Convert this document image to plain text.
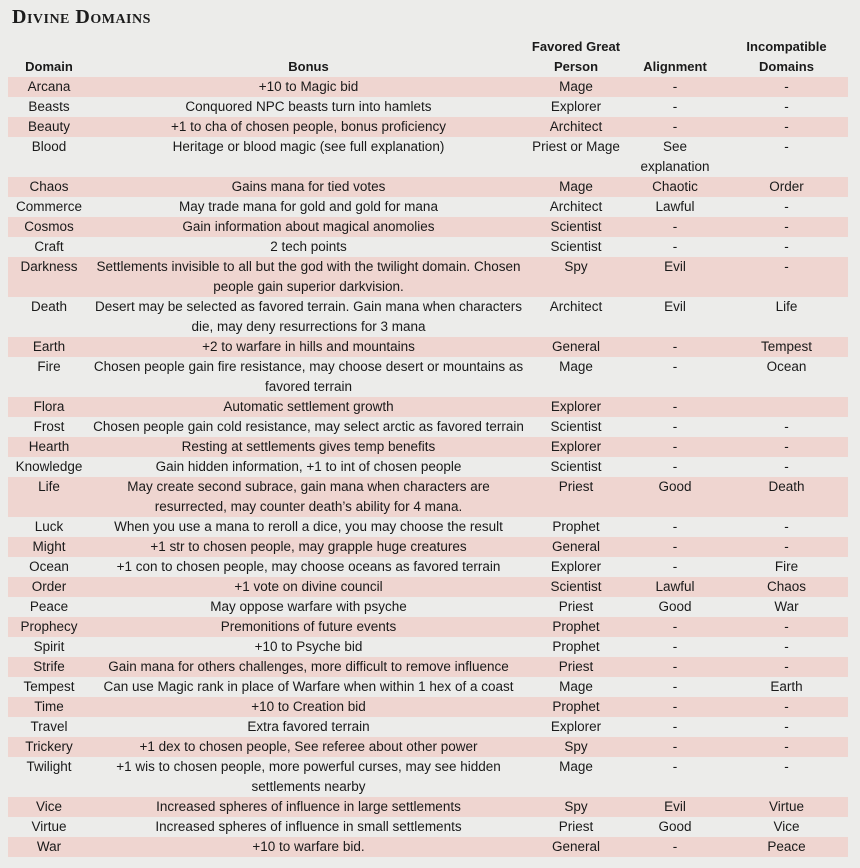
Divine Domains
Domain	Bonus	Favored Great Person	Alignment	Incompatible Domains
Arcana	+10 to Magic bid	Mage	-	-
Beasts	Conquored NPC beasts turn into hamlets	Explorer	-	-
Beauty	+1 to cha of chosen people, bonus proficiency	Architect	-	-
Blood	Heritage or blood magic (see full explanation)	Priest or Mage	See explanation	-
Chaos	Gains mana for tied votes	Mage	Chaotic	Order
Commerce	May trade mana for gold and gold for mana	Architect	Lawful	-
Cosmos	Gain information about magical anomolies	Scientist	-	-
Craft	2 tech points	Scientist	-	-
Darkness	Settlements invisible to all but the god with the twilight domain. Chosen people gain superior darkvision.	Spy	Evil	-
Death	Desert may be selected as favored terrain. Gain mana when characters die, may deny resurrections for 3 mana	Architect	Evil	Life
Earth	+2 to warfare in hills and mountains	General	-	Tempest
Fire	Chosen people gain fire resistance, may choose desert or mountains as favored terrain	Mage	-	Ocean
Flora	Automatic settlement growth	Explorer	-	
Frost	Chosen people gain cold resistance, may select arctic as favored terrain	Scientist	-	-
Hearth	Resting at settlements gives temp benefits	Explorer	-	-
Knowledge	Gain hidden information, +1 to int of chosen people	Scientist	-	-
Life	May create second subrace, gain mana when characters are resurrected, may counter death’s ability for 4 mana.	Priest	Good	Death
Luck	When you use a mana to reroll a dice, you may choose the result	Prophet	-	-
Might	+1 str to chosen people, may grapple huge creatures	General	-	-
Ocean	+1 con to chosen people, may choose oceans as favored terrain	Explorer	-	Fire
Order	+1 vote on divine council	Scientist	Lawful	Chaos
Peace	May oppose warfare with psyche	Priest	Good	War
Prophecy	Premonitions of future events	Prophet	-	-
Spirit	+10 to Psyche bid	Prophet	-	-
Strife	Gain mana for others challenges, more difficult to remove influence	Priest	-	-
Tempest	Can use Magic rank in place of Warfare when within 1 hex of a coast	Mage	-	Earth
Time	+10 to Creation bid	Prophet	-	-
Travel	Extra favored terrain	Explorer	-	-
Trickery	+1 dex to chosen people, See referee about other power	Spy	-	-
Twilight	+1 wis to chosen people, more powerful curses, may see hidden settlements nearby	Mage	-	-
Vice	Increased spheres of influence in large settlements	Spy	Evil	Virtue
Virtue	Increased spheres of influence in small settlements	Priest	Good	Vice
War	+10 to warfare bid.	General	-	Peace
